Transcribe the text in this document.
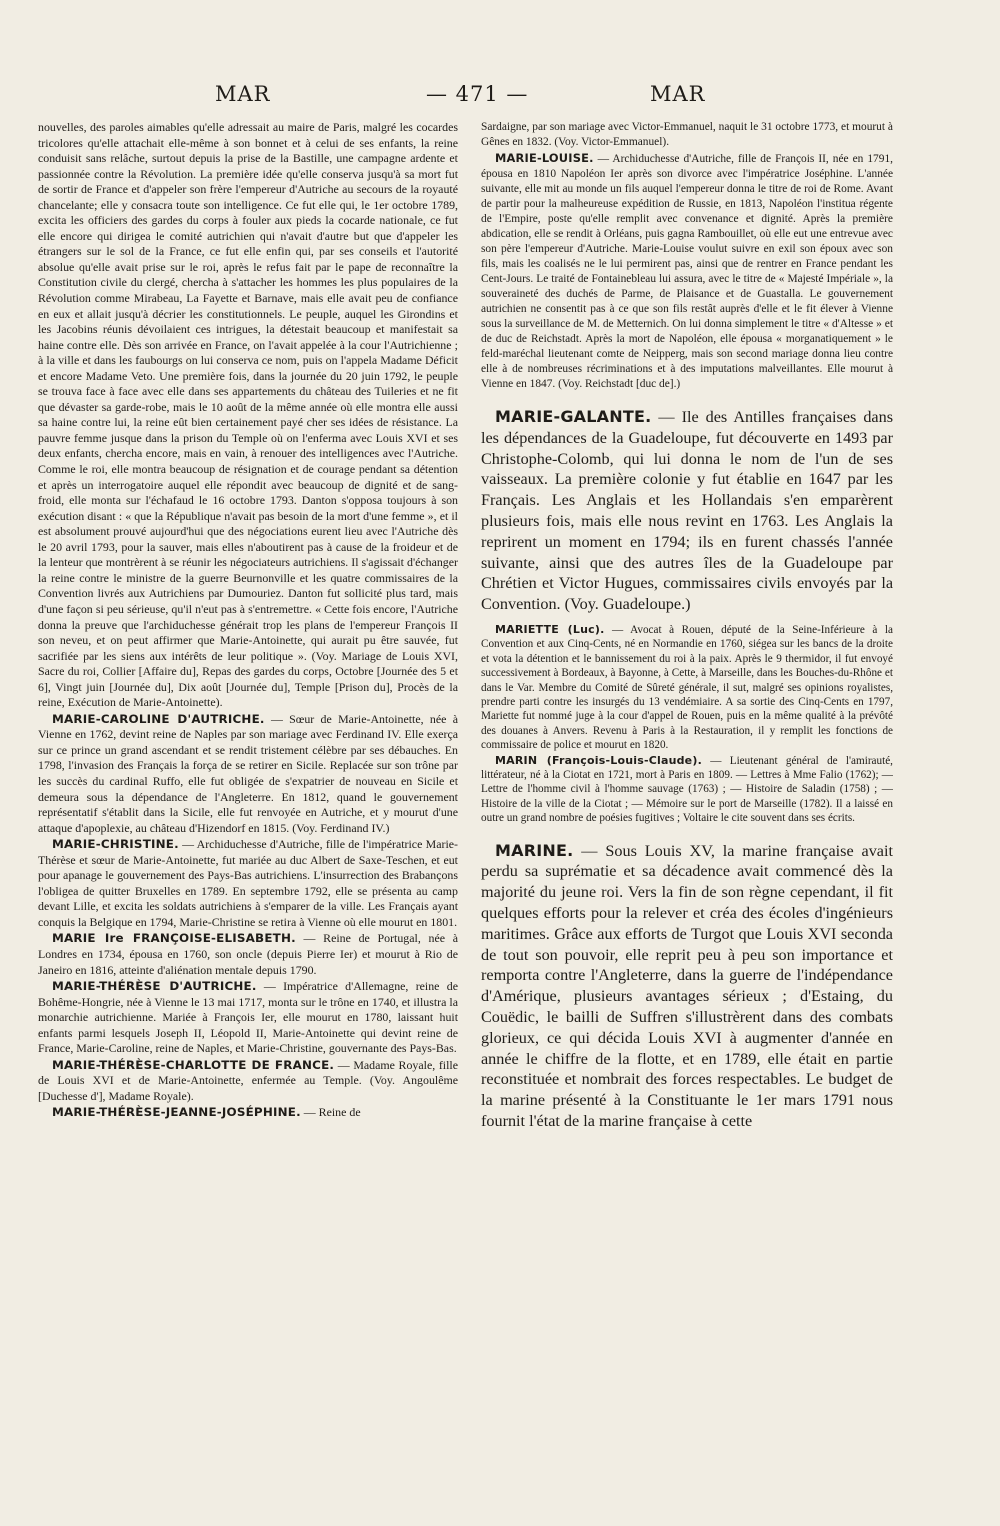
MAR	— 471 —	MAR

nouvelles, des paroles aimables qu'elle adressait au maire de Paris, malgré les cocardes tricolores qu'elle attachait elle-même à son bonnet et à celui de ses enfants, la reine conduisit sans relâche, surtout depuis la prise de la Bastille, une campagne ardente et passionnée contre la Révolution. La première idée qu'elle conserva jusqu'à sa mort fut de sortir de France et d'appeler son frère l'empereur d'Autriche au secours de la royauté chancelante; elle y consacra toute son intelligence. Ce fut elle qui, le 1er octobre 1789, excita les officiers des gardes du corps à fouler aux pieds la cocarde nationale, ce fut elle encore qui dirigea le comité autrichien qui n'avait d'autre but que d'appeler les étrangers sur le sol de la France, ce fut elle enfin qui, par ses conseils et l'autorité absolue qu'elle avait prise sur le roi, après le refus fait par le pape de reconnaître la Constitution civile du clergé, chercha à s'attacher les hommes les plus populaires de la Révolution comme Mirabeau, La Fayette et Barnave, mais elle avait peu de confiance en eux et allait jusqu'à décrier les constitutionnels. Le peuple, auquel les Girondins et les Jacobins réunis dévoilaient ces intrigues, la détestait beaucoup et manifestait sa haine contre elle. Dès son arrivée en France, on l'avait appelée à la cour l'Autrichienne ; à la ville et dans les faubourgs on lui conserva ce nom, puis on l'appela Madame Déficit et encore Madame Veto. Une première fois, dans la journée du 20 juin 1792, le peuple se trouva face à face avec elle dans ses appartements du château des Tuileries et ne fit que dévaster sa garde-robe, mais le 10 août de la même année où elle montra elle aussi sa haine contre lui, la reine eût bien certainement payé cher ses idées de résistance. La pauvre femme jusque dans la prison du Temple où on l'enferma avec Louis XVI et ses deux enfants, chercha encore, mais en vain, à renouer des intelligences avec l'Autriche. Comme le roi, elle montra beaucoup de résignation et de courage pendant sa détention et après un interrogatoire auquel elle répondit avec beaucoup de dignité et de sang-froid, elle monta sur l'échafaud le 16 octobre 1793. Danton s'opposa toujours à son exécution disant : « que la République n'avait pas besoin de la mort d'une femme », et il est absolument prouvé aujourd'hui que des négociations eurent lieu avec l'Autriche dès le 20 avril 1793, pour la sauver, mais elles n'aboutirent pas à cause de la froideur et de la lenteur que montrèrent à se réunir les négociateurs autrichiens. Il s'agissait d'échanger la reine contre le ministre de la guerre Beurnonville et les quatre commissaires de la Convention livrés aux Autrichiens par Dumouriez. Danton fut sollicité plus tard, mais d'une façon si peu sérieuse, qu'il n'eut pas à s'entremettre. « Cette fois encore, l'Autriche donna la preuve que l'archiduchesse générait trop les plans de l'empereur François II son neveu, et on peut affirmer que Marie-Antoinette, qui aurait pu être sauvée, fut sacrifiée par les siens aux intérêts de leur politique ». (Voy. Mariage de Louis XVI, Sacre du roi, Collier [Affaire du], Repas des gardes du corps, Octobre [Journée des 5 et 6], Vingt juin [Journée du], Dix août [Journée du], Temple [Prison du], Procès de la reine, Exécution de Marie-Antoinette).

MARIE-CAROLINE D'AUTRICHE. — Sœur de Marie-Antoinette, née à Vienne en 1762, devint reine de Naples par son mariage avec Ferdinand IV. Elle exerça sur ce prince un grand ascendant et se rendit tristement célèbre par ses débauches. En 1798, l'invasion des Français la força de se retirer en Sicile. Replacée sur son trône par les succès du cardinal Ruffo, elle fut obligée de s'expatrier de nouveau en Sicile et demeura sous la dépendance de l'Angleterre. En 1812, quand le gouvernement représentatif s'établit dans la Sicile, elle fut renvoyée en Autriche, et y mourut d'une attaque d'apoplexie, au château d'Hizendorf en 1815. (Voy. Ferdinand IV.)

MARIE-CHRISTINE. — Archiduchesse d'Autriche, fille de l'impératrice Marie-Thérèse et sœur de Marie-Antoinette, fut mariée au duc Albert de Saxe-Teschen, et eut pour apanage le gouvernement des Pays-Bas autrichiens. L'insurrection des Brabançons l'obligea de quitter Bruxelles en 1789. En septembre 1792, elle se présenta au camp devant Lille, et excita les soldats autrichiens à s'emparer de la ville. Les Français ayant conquis la Belgique en 1794, Marie-Christine se retira à Vienne où elle mourut en 1801.

MARIE Ire FRANÇOISE-ELISABETH. — Reine de Portugal, née à Londres en 1734, épousa en 1760, son oncle (depuis Pierre Ier) et mourut à Rio de Janeiro en 1816, atteinte d'aliénation mentale depuis 1790.

MARIE-THÉRÈSE D'AUTRICHE. — Impératrice d'Allemagne, reine de Bohême-Hongrie, née à Vienne le 13 mai 1717, monta sur le trône en 1740, et illustra la monarchie autrichienne. Mariée à François Ier, elle mourut en 1780, laissant huit enfants parmi lesquels Joseph II, Léopold II, Marie-Antoinette qui devint reine de France, Marie-Caroline, reine de Naples, et Marie-Christine, gouvernante des Pays-Bas.

MARIE-THÉRÈSE-CHARLOTTE DE FRANCE. — Madame Royale, fille de Louis XVI et de Marie-Antoinette, enfermée au Temple. (Voy. Angoulême [Duchesse d'], Madame Royale).

MARIE-THÉRÈSE-JEANNE-JOSÉPHINE. — Reine de

Sardaigne, par son mariage avec Victor-Emmanuel, naquit le 31 octobre 1773, et mourut à Gênes en 1832. (Voy. Victor-Emmanuel).

MARIE-LOUISE. — Archiduchesse d'Autriche, fille de François II, née en 1791, épousa en 1810 Napoléon Ier après son divorce avec l'impératrice Joséphine. L'année suivante, elle mit au monde un fils auquel l'empereur donna le titre de roi de Rome. Avant de partir pour la malheureuse expédition de Russie, en 1813, Napoléon l'institua régente de l'Empire, poste qu'elle remplit avec convenance et dignité. Après la première abdication, elle se rendit à Orléans, puis gagna Rambouillet, où elle eut une entrevue avec son père l'empereur d'Autriche. Marie-Louise voulut suivre en exil son époux avec son fils, mais les coalisés ne le lui permirent pas, ainsi que de rentrer en France pendant les Cent-Jours. Le traité de Fontainebleau lui assura, avec le titre de « Majesté Impériale », la souveraineté des duchés de Parme, de Plaisance et de Guastalla. Le gouvernement autrichien ne consentit pas à ce que son fils restât auprès d'elle et le fit élever à Vienne sous la surveillance de M. de Metternich. On lui donna simplement le titre « d'Altesse » et de duc de Reichstadt. Après la mort de Napoléon, elle épousa « morganatiquement » le feld-maréchal lieutenant comte de Neipperg, mais son second mariage donna lieu contre elle à de nombreuses récriminations et à des imputations malveillantes. Elle mourut à Vienne en 1847. (Voy. Reichstadt [duc de].)

MARIE-GALANTE. — Ile des Antilles françaises dans les dépendances de la Guadeloupe, fut découverte en 1493 par Christophe-Colomb, qui lui donna le nom de l'un de ses vaisseaux. La première colonie y fut établie en 1647 par les Français. Les Anglais et les Hollandais s'en emparèrent plusieurs fois, mais elle nous revint en 1763. Les Anglais la reprirent un moment en 1794; ils en furent chassés l'année suivante, ainsi que des autres îles de la Guadeloupe par Chrétien et Victor Hugues, commissaires civils envoyés par la Convention. (Voy. Guadeloupe.)

MARIETTE (Luc). — Avocat à Rouen, député de la Seine-Inférieure à la Convention et aux Cinq-Cents, né en Normandie en 1760, siégea sur les bancs de la droite et vota la détention et le bannissement du roi à la paix. Après le 9 thermidor, il fut envoyé successivement à Bordeaux, à Bayonne, à Cette, à Marseille, dans les Bouches-du-Rhône et dans le Var. Membre du Comité de Sûreté générale, il sut, malgré ses opinions royalistes, prendre parti contre les insurgés du 13 vendémiaire. A sa sortie des Cinq-Cents en 1797, Mariette fut nommé juge à la cour d'appel de Rouen, puis en la même qualité à la prévôté des douanes à Anvers. Revenu à Paris à la Restauration, il y remplit les fonctions de commissaire de police et mourut en 1820.

MARIN (François-Louis-Claude). — Lieutenant général de l'amirauté, littérateur, né à la Ciotat en 1721, mort à Paris en 1809. — Lettres à Mme Falio (1762); — Lettre de l'homme civil à l'homme sauvage (1763) ; — Histoire de Saladin (1758) ; — Histoire de la ville de la Ciotat ; — Mémoire sur le port de Marseille (1782). Il a laissé en outre un grand nombre de poésies fugitives ; Voltaire le cite souvent dans ses écrits.

MARINE. — Sous Louis XV, la marine française avait perdu sa suprématie et sa décadence avait commencé dès la majorité du jeune roi. Vers la fin de son règne cependant, il fit quelques efforts pour la relever et créa des écoles d'ingénieurs maritimes. Grâce aux efforts de Turgot que Louis XVI seconda de tout son pouvoir, elle reprit peu à peu son importance et remporta contre l'Angleterre, dans la guerre de l'indépendance d'Amérique, plusieurs avantages sérieux ; d'Estaing, du Couëdic, le bailli de Suffren s'illustrèrent dans des combats glorieux, ce qui décida Louis XVI à augmenter d'année en année le chiffre de la flotte, et en 1789, elle était en partie reconstituée et nombrait des forces respectables. Le budget de la marine présenté à la Constituante le 1er mars 1791 nous fournit l'état de la marine française à cette
